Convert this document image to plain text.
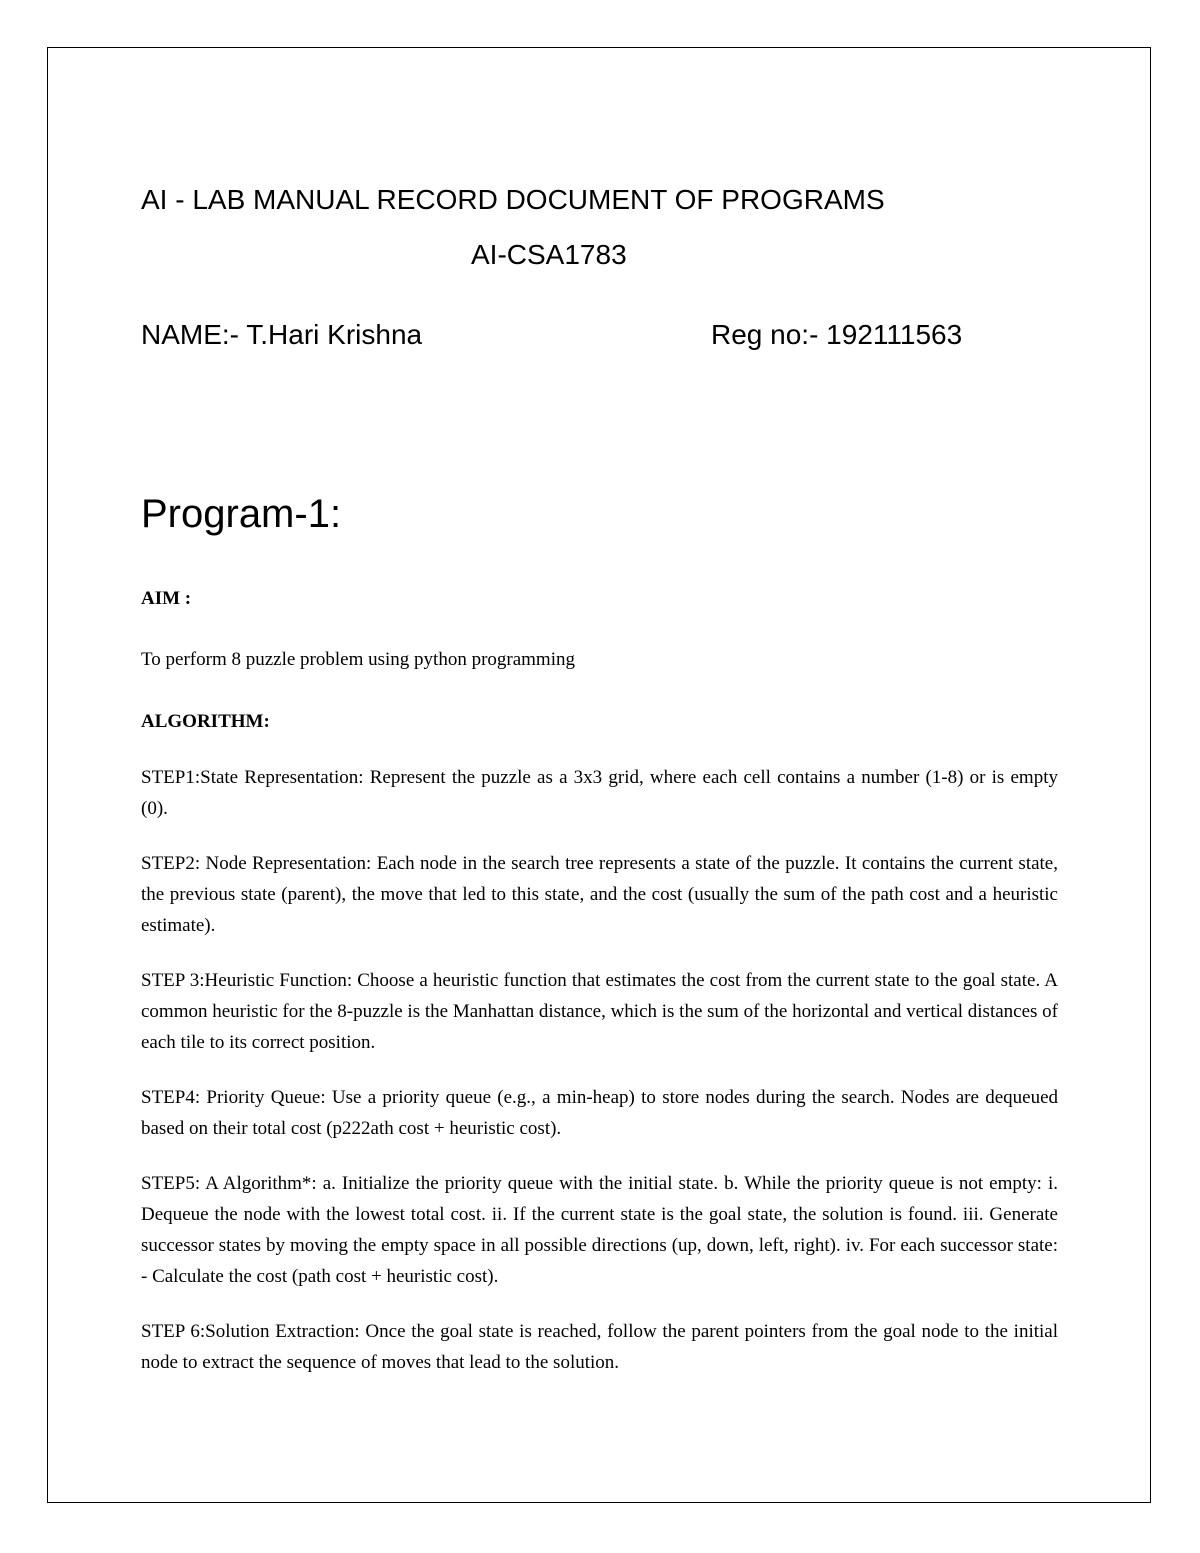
AI - LAB MANUAL RECORD DOCUMENT OF PROGRAMS
AI-CSA1783
NAME:- T.Hari Krishna	Reg no:- 192111563
Program-1:
AIM :
To perform 8 puzzle problem using python programming
ALGORITHM:

STEP1:State Representation: Represent the puzzle as a 3x3 grid, where each cell contains a number (1-8) or is empty (0).

STEP2: Node Representation: Each node in the search tree represents a state of the puzzle. It contains the current state, the previous state (parent), the move that led to this state, and the cost (usually the sum of the path cost and a heuristic estimate).

STEP 3:Heuristic Function: Choose a heuristic function that estimates the cost from the current state to the goal state. A common heuristic for the 8-puzzle is the Manhattan distance, which is the sum of the horizontal and vertical distances of each tile to its correct position.

STEP4: Priority Queue: Use a priority queue (e.g., a min-heap) to store nodes during the search. Nodes are dequeued based on their total cost (p222ath cost + heuristic cost).

STEP5: A Algorithm*: a. Initialize the priority queue with the initial state. b. While the priority queue is not empty: i. Dequeue the node with the lowest total cost. ii. If the current state is the goal state, the solution is found. iii. Generate successor states by moving the empty space in all possible directions (up, down, left, right). iv. For each successor state: - Calculate the cost (path cost + heuristic cost).

STEP 6:Solution Extraction: Once the goal state is reached, follow the parent pointers from the goal node to the initial node to extract the sequence of moves that lead to the solution.
